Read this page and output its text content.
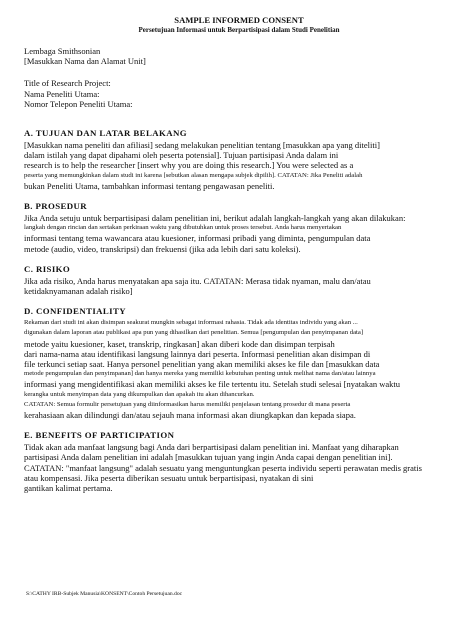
SAMPLE INFORMED CONSENT
Persetujuan Informasi untuk Berpartisipasi dalam Studi Penelitian
Lembaga Smithsonian
[Masukkan Nama dan Alamat Unit]
Title of Research Project:
Nama Peneliti Utama:
Nomor Telepon Peneliti Utama:
A. TUJUAN DAN LATAR BELAKANG
[Masukkan nama peneliti dan afiliasi] sedang melakukan penelitian tentang [masukkan apa yang diteliti]
dalam istilah yang dapat dipahami oleh peserta potensial]. Tujuan partisipasi Anda dalam ini
research is to help the researcher [insert why you are doing this research.] You were selected as a
peserta yang memungkinkan dalam studi ini karena [sebutkan alasan mengapa subjek dipilih]. CATATAN: Jika Peneliti adalah
bukan Peneliti Utama, tambahkan informasi tentang pengawasan peneliti.
B. PROSEDUR
Jika Anda setuju untuk berpartisipasi dalam penelitian ini, berikut adalah langkah-langkah yang akan dilakukan:
langkah dengan rincian dan sertakan perkiraan waktu yang dibutuhkan untuk proses tersebut. Anda harus menyertakan
informasi tentang tema wawancara atau kuesioner, informasi pribadi yang diminta, pengumpulan data
metode (audio, video, transkripsi) dan frekuensi (jika ada lebih dari satu koleksi).
C. RISIKO
Jika ada risiko, Anda harus menyatakan apa saja itu. CATATAN: Merasa tidak nyaman, malu dan/atau
ketidaknyamanan adalah risiko]
D. CONFIDENTIALITY
Rekaman dari studi ini akan disimpan seakurat mungkin sebagai informasi rahasia. Tidak ada identitas individu yang akan ...
digunakan dalam laporan atau publikasi apa pun yang dihasilkan dari penelitian. Semua [pengumpulan dan penyimpanan data]
metode yaitu kuesioner, kaset, transkrip, ringkasan] akan diberi kode dan disimpan terpisah
dari nama-nama atau identifikasi langsung lainnya dari peserta. Informasi penelitian akan disimpan di
file terkunci setiap saat. Hanya personel penelitian yang akan memiliki akses ke file dan [masukkan data
metode pengumpulan dan penyimpanan] dan hanya mereka yang memiliki kebutuhan penting untuk melihat nama dan/atau lainnya
informasi yang mengidentifikasi akan memiliki akses ke file tertentu itu. Setelah studi selesai [nyatakan waktu
kerangka untuk menyimpan data yang dikumpulkan dan apakah itu akan dihancurkan.
CATATAN: Semua formulir persetujuan yang diinformasikan harus memiliki penjelasan tentang prosedur di mana peserta
kerahasiaan akan dilindungi dan/atau sejauh mana informasi akan diungkapkan dan kepada siapa.
E. BENEFITS OF PARTICIPATION
Tidak akan ada manfaat langsung bagi Anda dari berpartisipasi dalam penelitian ini. Manfaat yang diharapkan
partisipasi Anda dalam penelitian ini adalah [masukkan tujuan yang ingin Anda capai dengan penelitian ini].
CATATAN: "manfaat langsung" adalah sesuatu yang menguntungkan peserta individu seperti perawatan medis gratis
atau kompensasi. Jika peserta diberikan sesuatu untuk berpartisipasi, nyatakan di sini
gantikan kalimat pertama.
S:\CATHY IRB-Subjek Manusia\KONSENT\Contoh Persetujuan.doc
